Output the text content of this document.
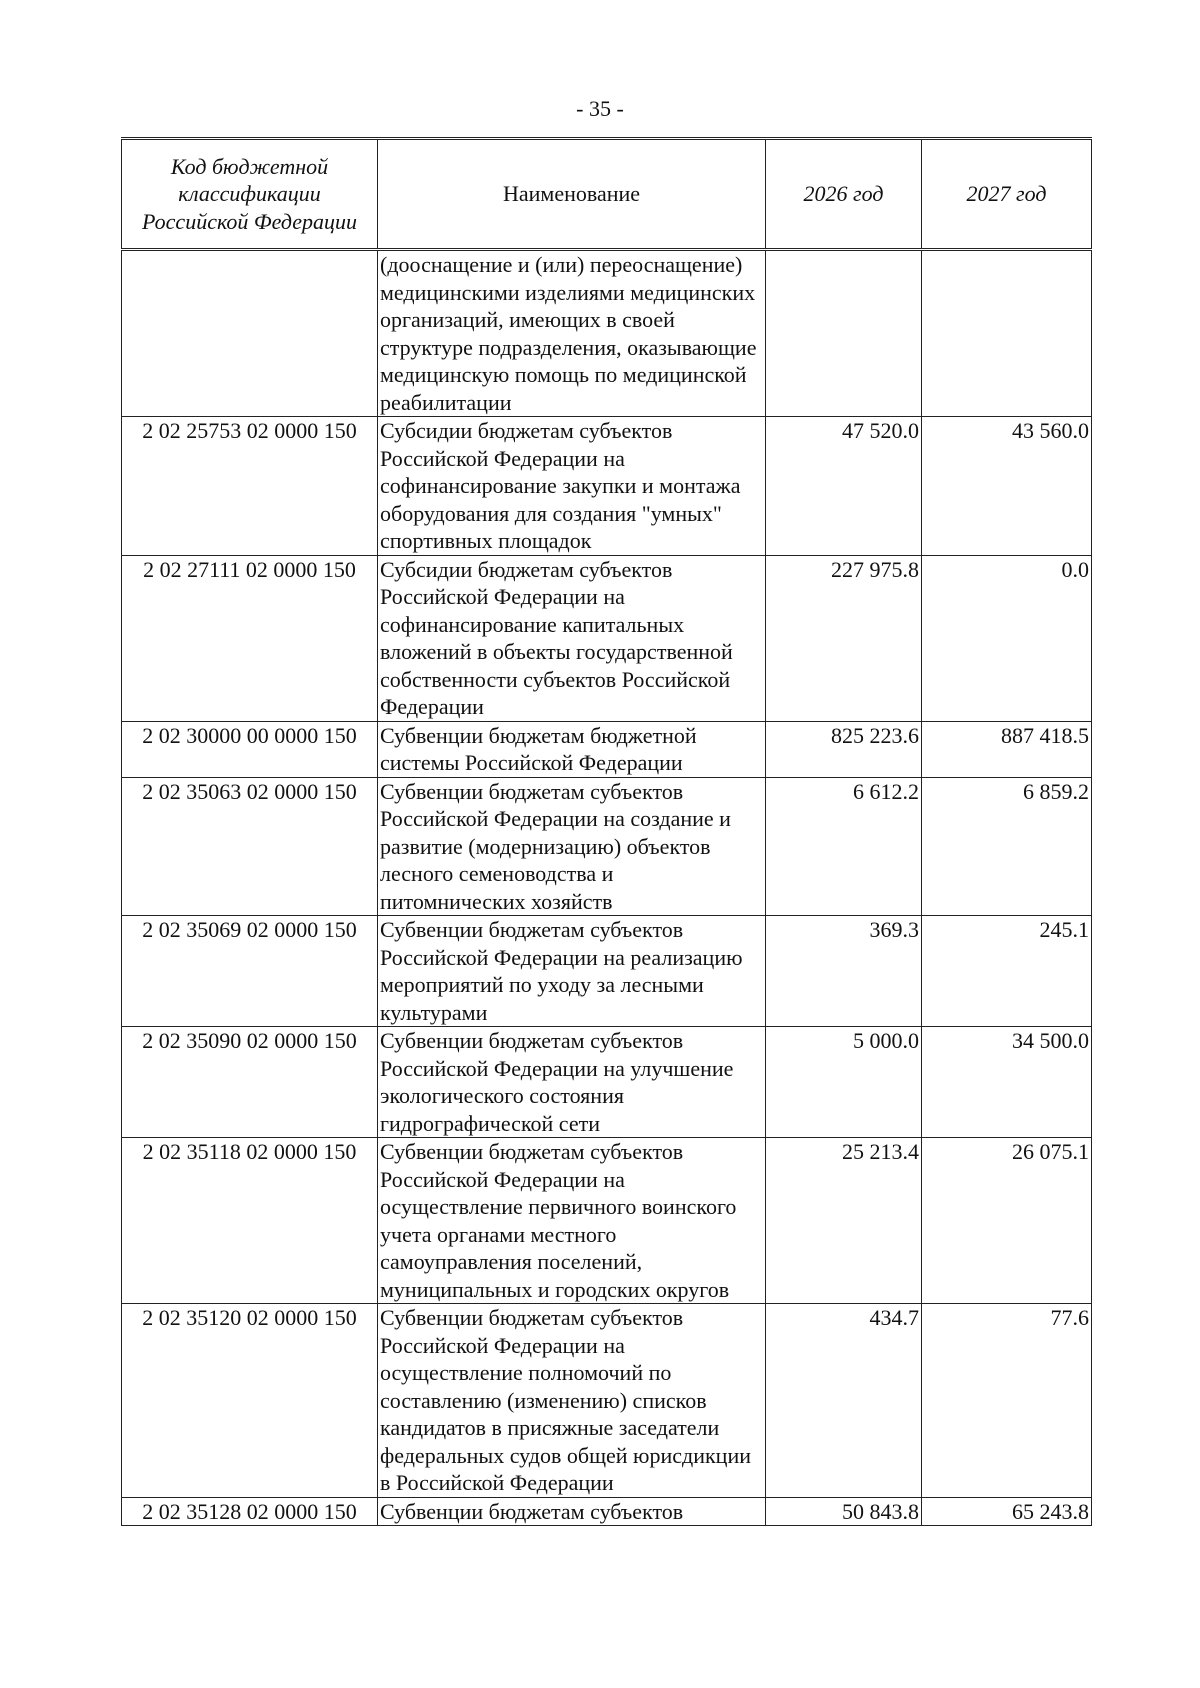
- 35 -
Код бюджетной классификации Российской Федерации	Наименование	2026 год	2027 год
	(дооснащение и (или) переоснащение) медицинскими изделиями медицинских организаций, имеющих в своей структуре подразделения, оказывающие медицинскую помощь по медицинской реабилитации		
2 02 25753 02 0000 150	Субсидии бюджетам субъектов Российской Федерации на софинансирование закупки и монтажа оборудования для создания "умных" спортивных площадок	47 520.0	43 560.0
2 02 27111 02 0000 150	Субсидии бюджетам субъектов Российской Федерации на софинансирование капитальных вложений в объекты государственной собственности субъектов Российской Федерации	227 975.8	0.0
2 02 30000 00 0000 150	Субвенции бюджетам бюджетной системы Российской Федерации	825 223.6	887 418.5
2 02 35063 02 0000 150	Субвенции бюджетам субъектов Российской Федерации на создание и развитие (модернизацию) объектов лесного семеноводства и питомнических хозяйств	6 612.2	6 859.2
2 02 35069 02 0000 150	Субвенции бюджетам субъектов Российской Федерации на реализацию мероприятий по уходу за лесными культурами	369.3	245.1
2 02 35090 02 0000 150	Субвенции бюджетам субъектов Российской Федерации на улучшение экологического состояния гидрографической сети	5 000.0	34 500.0
2 02 35118 02 0000 150	Субвенции бюджетам субъектов Российской Федерации на осуществление первичного воинского учета органами местного самоуправления поселений, муниципальных и городских округов	25 213.4	26 075.1
2 02 35120 02 0000 150	Субвенции бюджетам субъектов Российской Федерации на осуществление полномочий по составлению (изменению) списков кандидатов в присяжные заседатели федеральных судов общей юрисдикции в Российской Федерации	434.7	77.6
2 02 35128 02 0000 150	Субвенции бюджетам субъектов	50 843.8	65 243.8
